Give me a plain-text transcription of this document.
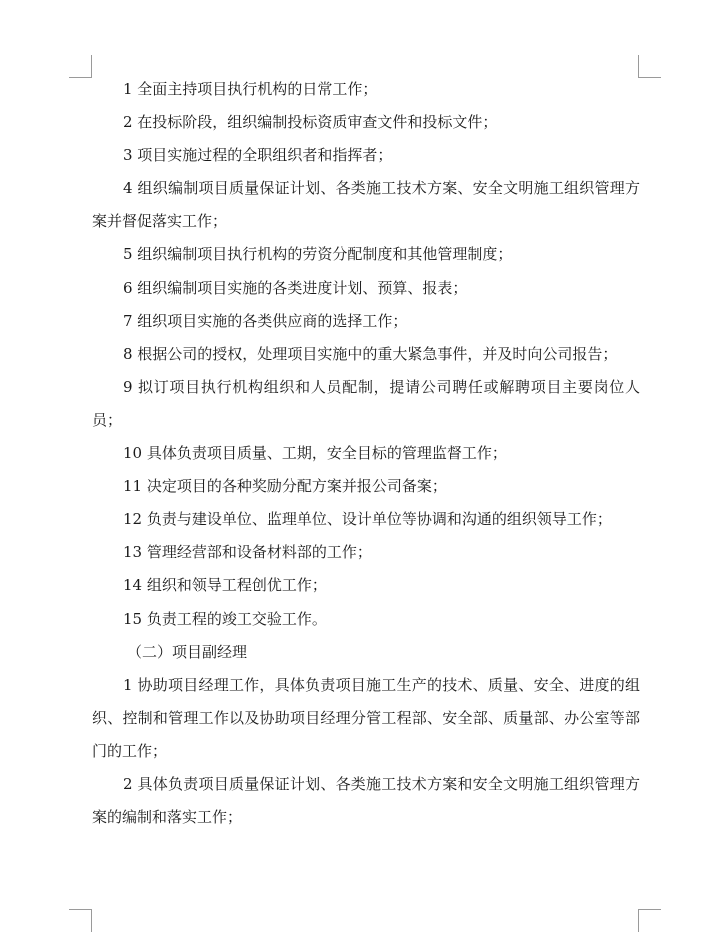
1 全面主持项目执行机构的日常工作；

2 在投标阶段，组织编制投标资质审查文件和投标文件；

3 项目实施过程的全职组织者和指挥者；

4 组织编制项目质量保证计划、各类施工技术方案、安全文明施工组织管理方案并督促落实工作；

5 组织编制项目执行机构的劳资分配制度和其他管理制度；

6 组织编制项目实施的各类进度计划、预算、报表；

7 组织项目实施的各类供应商的选择工作；

8 根据公司的授权，处理项目实施中的重大紧急事件，并及时向公司报告；

9 拟订项目执行机构组织和人员配制，提请公司聘任或解聘项目主要岗位人员；

10 具体负责项目质量、工期，安全目标的管理监督工作；

11 决定项目的各种奖励分配方案并报公司备案；

12 负责与建设单位、监理单位、设计单位等协调和沟通的组织领导工作；

13 管理经营部和设备材料部的工作；

14 组织和领导工程创优工作；

15 负责工程的竣工交验工作。

（二）项目副经理

1 协助项目经理工作，具体负责项目施工生产的技术、质量、安全、进度的组织、控制和管理工作以及协助项目经理分管工程部、安全部、质量部、办公室等部门的工作；

2 具体负责项目质量保证计划、各类施工技术方案和安全文明施工组织管理方案的编制和落实工作；
